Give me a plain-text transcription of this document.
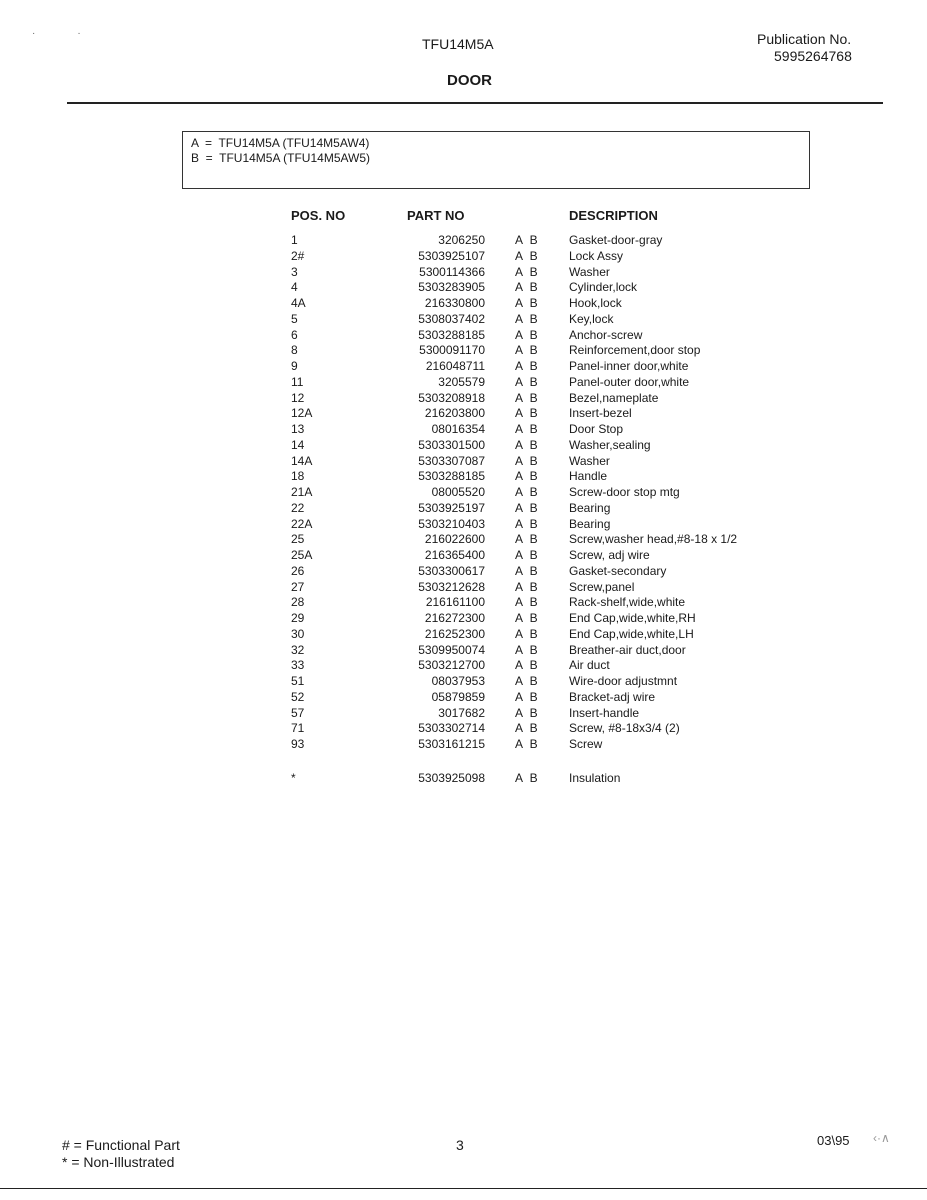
··
TFU14M5A	Publication No.
5995264768
DOOR
A  =  TFU14M5A (TFU14M5AW4)
B  =  TFU14M5A (TFU14M5AW5)
POS. NO	PART NO	DESCRIPTION
1	3206250	A B	Gasket-door-gray
2#	5303925107	A B	Lock Assy
3	5300114366	A B	Washer
4	5303283905	A B	Cylinder,lock
4A	216330800	A B	Hook,lock
5	5308037402	A B	Key,lock
6	5303288185	A B	Anchor-screw
8	5300091170	A B	Reinforcement,door stop
9	216048711	A B	Panel-inner door,white
11	3205579	A B	Panel-outer door,white
12	5303208918	A B	Bezel,nameplate
12A	216203800	A B	Insert-bezel
13	08016354	A B	Door Stop
14	5303301500	A B	Washer,sealing
14A	5303307087	A B	Washer
18	5303288185	A B	Handle
21A	08005520	A B	Screw-door stop mtg
22	5303925197	A B	Bearing
22A	5303210403	A B	Bearing
25	216022600	A B	Screw,washer head,#8-18 x 1/2
25A	216365400	A B	Screw, adj wire
26	5303300617	A B	Gasket-secondary
27	5303212628	A B	Screw,panel
28	216161100	A B	Rack-shelf,wide,white
29	216272300	A B	End Cap,wide,white,RH
30	216252300	A B	End Cap,wide,white,LH
32	5309950074	A B	Breather-air duct,door
33	5303212700	A B	Air duct
51	08037953	A B	Wire-door adjustmnt
52	05879859	A B	Bracket-adj wire
57	3017682	A B	Insert-handle
71	5303302714	A B	Screw, #8-18x3/4 (2)
93	5303161215	A B	Screw
*	5303925098	A B	Insulation
# = Functional Part
* = Non-Illustrated
3	03\95 ‹·∧
